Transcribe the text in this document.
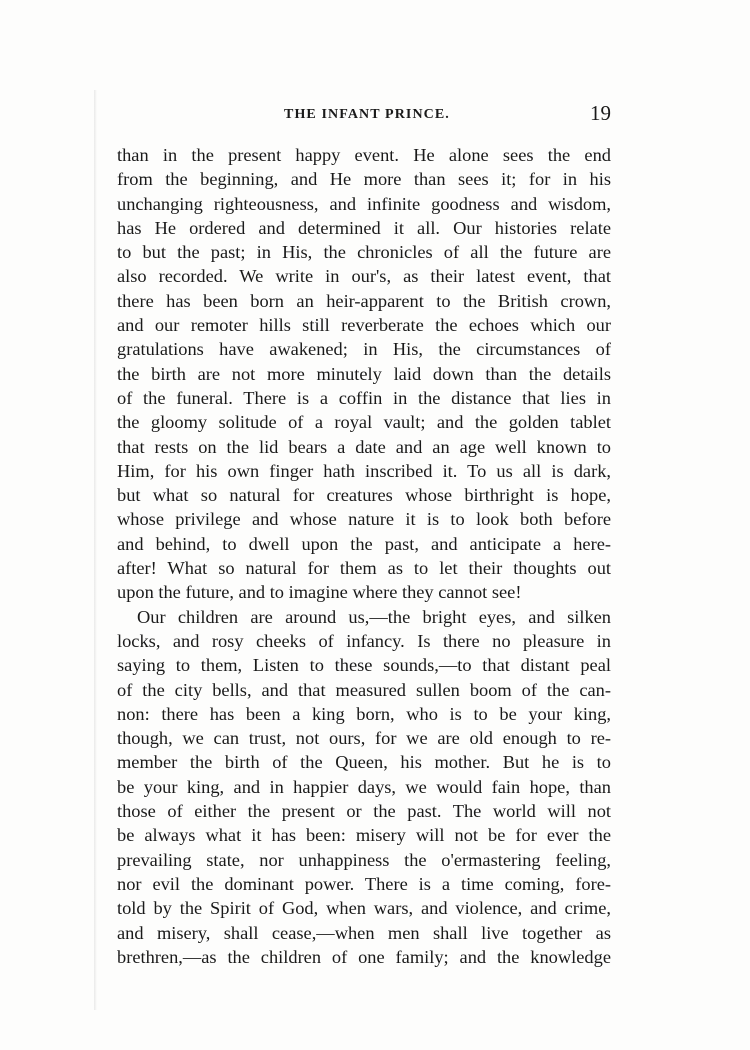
THE INFANT PRINCE.	19
than in the present happy event. He alone sees the end
from the beginning, and He more than sees it; for in his
unchanging righteousness, and infinite goodness and wisdom,
has He ordered and determined it all. Our histories relate
to but the past; in His, the chronicles of all the future are
also recorded. We write in our's, as their latest event, that
there has been born an heir-apparent to the British crown,
and our remoter hills still reverberate the echoes which our
gratulations have awakened; in His, the circumstances of
the birth are not more minutely laid down than the details
of the funeral. There is a coffin in the distance that lies in
the gloomy solitude of a royal vault; and the golden tablet
that rests on the lid bears a date and an age well known to
Him, for his own finger hath inscribed it. To us all is dark,
but what so natural for creatures whose birthright is hope,
whose privilege and whose nature it is to look both before
and behind, to dwell upon the past, and anticipate a here-
after! What so natural for them as to let their thoughts out
upon the future, and to imagine where they cannot see!
Our children are around us,—the bright eyes, and silken
locks, and rosy cheeks of infancy. Is there no pleasure in
saying to them, Listen to these sounds,—to that distant peal
of the city bells, and that measured sullen boom of the can-
non: there has been a king born, who is to be your king,
though, we can trust, not ours, for we are old enough to re-
member the birth of the Queen, his mother. But he is to
be your king, and in happier days, we would fain hope, than
those of either the present or the past. The world will not
be always what it has been: misery will not be for ever the
prevailing state, nor unhappiness the o'ermastering feeling,
nor evil the dominant power. There is a time coming, fore-
told by the Spirit of God, when wars, and violence, and crime,
and misery, shall cease,—when men shall live together as
brethren,—as the children of one family; and the knowledge
